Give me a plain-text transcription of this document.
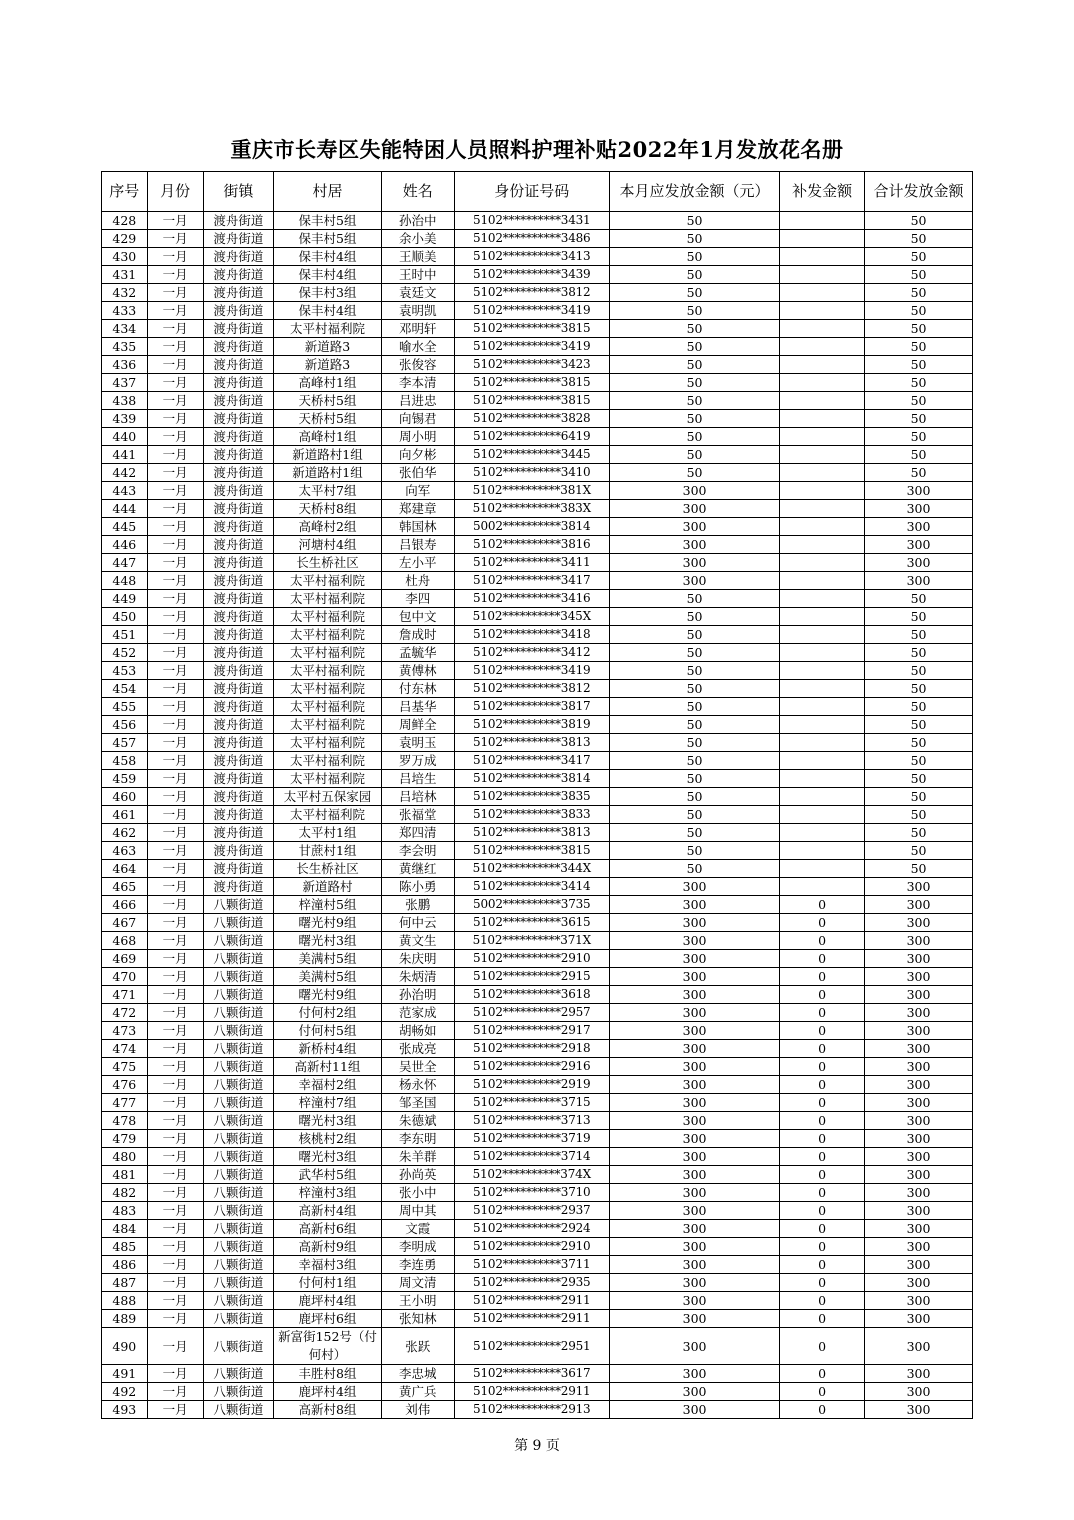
重庆市长寿区失能特困人员照料护理补贴2022年1月发放花名册
序号	月份	街镇	村居	姓名	身份证号码	本月应发放金额（元）	补发金额	合计发放金额
428	一月	渡舟街道	保丰村5组	孙治中	5102**********3431	50		50
429	一月	渡舟街道	保丰村5组	余小美	5102**********3486	50		50
430	一月	渡舟街道	保丰村4组	王顺美	5102**********3413	50		50
431	一月	渡舟街道	保丰村4组	王时中	5102**********3439	50		50
432	一月	渡舟街道	保丰村3组	袁廷文	5102**********3812	50		50
433	一月	渡舟街道	保丰村4组	袁明凯	5102**********3419	50		50
434	一月	渡舟街道	太平村福利院	邓明轩	5102**********3815	50		50
435	一月	渡舟街道	新道路3	喻水全	5102**********3419	50		50
436	一月	渡舟街道	新道路3	张俊容	5102**********3423	50		50
437	一月	渡舟街道	高峰村1组	李本清	5102**********3815	50		50
438	一月	渡舟街道	天桥村5组	吕进忠	5102**********3815	50		50
439	一月	渡舟街道	天桥村5组	向锡君	5102**********3828	50		50
440	一月	渡舟街道	高峰村1组	周小明	5102**********6419	50		50
441	一月	渡舟街道	新道路村1组	向夕彬	5102**********3445	50		50
442	一月	渡舟街道	新道路村1组	张伯华	5102**********3410	50		50
443	一月	渡舟街道	太平村7组	向军	5102**********381X	300		300
444	一月	渡舟街道	天桥村8组	郑建章	5102**********383X	300		300
445	一月	渡舟街道	高峰村2组	韩国林	5002**********3814	300		300
446	一月	渡舟街道	河塘村4组	吕银寿	5102**********3816	300		300
447	一月	渡舟街道	长生桥社区	左小平	5102**********3411	300		300
448	一月	渡舟街道	太平村福利院	杜舟	5102**********3417	300		300
449	一月	渡舟街道	太平村福利院	李四	5102**********3416	50		50
450	一月	渡舟街道	太平村福利院	包中文	5102**********345X	50		50
451	一月	渡舟街道	太平村福利院	詹成时	5102**********3418	50		50
452	一月	渡舟街道	太平村福利院	孟毓华	5102**********3412	50		50
453	一月	渡舟街道	太平村福利院	黄傅林	5102**********3419	50		50
454	一月	渡舟街道	太平村福利院	付东林	5102**********3812	50		50
455	一月	渡舟街道	太平村福利院	吕基华	5102**********3817	50		50
456	一月	渡舟街道	太平村福利院	周鲜全	5102**********3819	50		50
457	一月	渡舟街道	太平村福利院	袁明玉	5102**********3813	50		50
458	一月	渡舟街道	太平村福利院	罗万成	5102**********3417	50		50
459	一月	渡舟街道	太平村福利院	吕培生	5102**********3814	50		50
460	一月	渡舟街道	太平村五保家园	吕培林	5102**********3835	50		50
461	一月	渡舟街道	太平村福利院	张福堂	5102**********3833	50		50
462	一月	渡舟街道	太平村1组	郑四清	5102**********3813	50		50
463	一月	渡舟街道	甘蔗村1组	李会明	5102**********3815	50		50
464	一月	渡舟街道	长生桥社区	黄继红	5102**********344X	50		50
465	一月	渡舟街道	新道路村	陈小勇	5102**********3414	300		300
466	一月	八颗街道	梓潼村5组	张鹏	5002**********3735	300	0	300
467	一月	八颗街道	曙光村9组	何中云	5102**********3615	300	0	300
468	一月	八颗街道	曙光村3组	黄文生	5102**********371X	300	0	300
469	一月	八颗街道	美满村5组	朱庆明	5102**********2910	300	0	300
470	一月	八颗街道	美满村5组	朱炳清	5102**********2915	300	0	300
471	一月	八颗街道	曙光村9组	孙治明	5102**********3618	300	0	300
472	一月	八颗街道	付何村2组	范家成	5102**********2957	300	0	300
473	一月	八颗街道	付何村5组	胡畅如	5102**********2917	300	0	300
474	一月	八颗街道	新桥村4组	张成亮	5102**********2918	300	0	300
475	一月	八颗街道	高新村11组	吴世全	5102**********2916	300	0	300
476	一月	八颗街道	幸福村2组	杨永怀	5102**********2919	300	0	300
477	一月	八颗街道	梓潼村7组	邹圣国	5102**********3715	300	0	300
478	一月	八颗街道	曙光村3组	朱德斌	5102**********3713	300	0	300
479	一月	八颗街道	核桃村2组	李东明	5102**********3719	300	0	300
480	一月	八颗街道	曙光村3组	朱羊群	5102**********3714	300	0	300
481	一月	八颗街道	武华村5组	孙尚英	5102**********374X	300	0	300
482	一月	八颗街道	梓潼村3组	张小中	5102**********3710	300	0	300
483	一月	八颗街道	高新村4组	周中其	5102**********2937	300	0	300
484	一月	八颗街道	高新村6组	文霞	5102**********2924	300	0	300
485	一月	八颗街道	高新村9组	李明成	5102**********2910	300	0	300
486	一月	八颗街道	幸福村3组	李连勇	5102**********3711	300	0	300
487	一月	八颗街道	付何村1组	周文清	5102**********2935	300	0	300
488	一月	八颗街道	鹿坪村4组	王小明	5102**********2911	300	0	300
489	一月	八颗街道	鹿坪村6组	张知林	5102**********2911	300	0	300
490	一月	八颗街道	新富街152号（付何村）	张跃	5102**********2951	300	0	300
491	一月	八颗街道	丰胜村8组	李忠城	5102**********3617	300	0	300
492	一月	八颗街道	鹿坪村4组	黄广兵	5102**********2911	300	0	300
493	一月	八颗街道	高新村8组	刘伟	5102**********2913	300	0	300
第 9 页
